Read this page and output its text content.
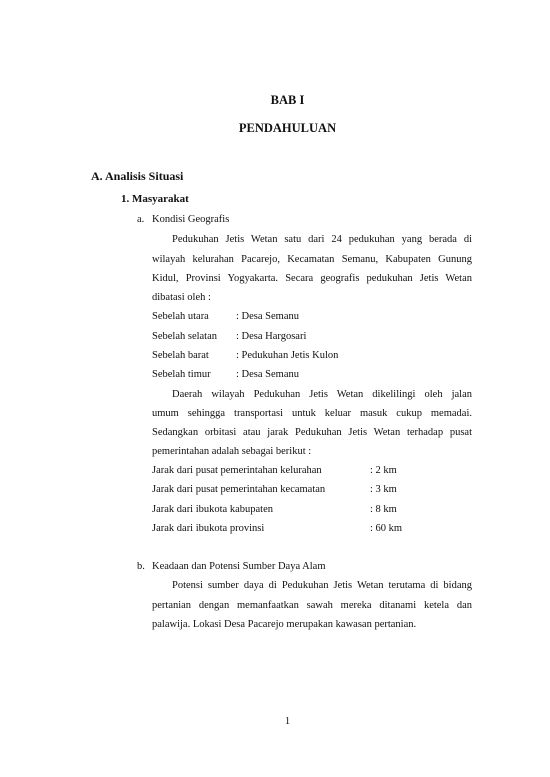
BAB I
PENDAHULUAN
A. Analisis Situasi
1. Masyarakat
a. Kondisi Geografis
Pedukuhan Jetis Wetan satu dari 24 pedukuhan yang berada di
wilayah kelurahan Pacarejo, Kecamatan Semanu, Kabupaten Gunung
Kidul, Provinsi Yogyakarta. Secara geografis pedukuhan Jetis Wetan
dibatasi oleh :
Sebelah utara	: Desa Semanu
Sebelah selatan : Desa Hargosari
Sebelah barat	: Pedukuhan Jetis Kulon
Sebelah timur : Desa Semanu
Daerah wilayah Pedukuhan Jetis Wetan dikelilingi oleh jalan
umum sehingga transportasi untuk keluar masuk cukup memadai.
Sedangkan orbitasi atau jarak Pedukuhan Jetis Wetan terhadap pusat
pemerintahan adalah sebagai berikut :
Jarak dari pusat pemerintahan kelurahan	: 2 km
Jarak dari pusat pemerintahan kecamatan	: 3 km
Jarak dari ibukota kabupaten	: 8 km
Jarak dari ibukota provinsi	: 60 km
b. Keadaan dan Potensi Sumber Daya Alam
Potensi sumber daya di Pedukuhan Jetis Wetan terutama di bidang
pertanian dengan memanfaatkan sawah mereka ditanami ketela dan
palawija. Lokasi Desa Pacarejo merupakan kawasan pertanian.
1
